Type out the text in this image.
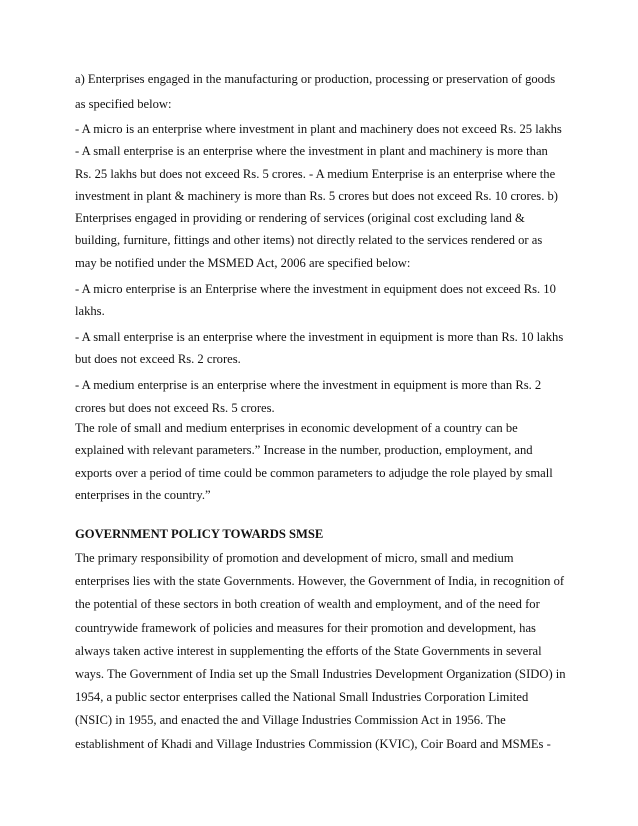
a) Enterprises engaged in the manufacturing or production, processing or preservation of goods
as specified below:
- A micro is an enterprise where investment in plant and machinery does not exceed Rs. 25 lakhs
- A small enterprise is an enterprise where the investment in plant and machinery is more than
Rs. 25 lakhs but does not exceed Rs. 5 crores. - A medium Enterprise is an enterprise where the
investment in plant & machinery is more than Rs. 5 crores but does not exceed Rs. 10 crores. b)
Enterprises engaged in providing or rendering of services (original cost excluding land &
building, furniture, fittings and other items) not directly related to the services rendered or as
may be notified under the MSMED Act, 2006 are specified below:
- A micro enterprise is an Enterprise where the investment in equipment does not exceed Rs. 10
lakhs.
- A small enterprise is an enterprise where the investment in equipment is more than Rs. 10 lakhs
but does not exceed Rs. 2 crores.
- A medium enterprise is an enterprise where the investment in equipment is more than Rs. 2
crores but does not exceed Rs. 5 crores.
The role of small and medium enterprises in economic development of a country can be
explained with relevant parameters.” Increase in the number, production, employment, and
exports over a period of time could be common parameters to adjudge the role played by small
enterprises in the country.”
GOVERNMENT POLICY TOWARDS SMSE
The primary responsibility of promotion and development of micro, small and medium
enterprises lies with the state Governments. However, the Government of India, in recognition of
the potential of these sectors in both creation of wealth and employment, and of the need for
countrywide framework of policies and measures for their promotion and development, has
always taken active interest in supplementing the efforts of the State Governments in several
ways. The Government of India set up the Small Industries Development Organization (SIDO) in
1954, a public sector enterprises called the National Small Industries Corporation Limited
(NSIC) in 1955, and enacted the and Village Industries Commission Act in 1956. The
establishment of Khadi and Village Industries Commission (KVIC), Coir Board and MSMEs -
